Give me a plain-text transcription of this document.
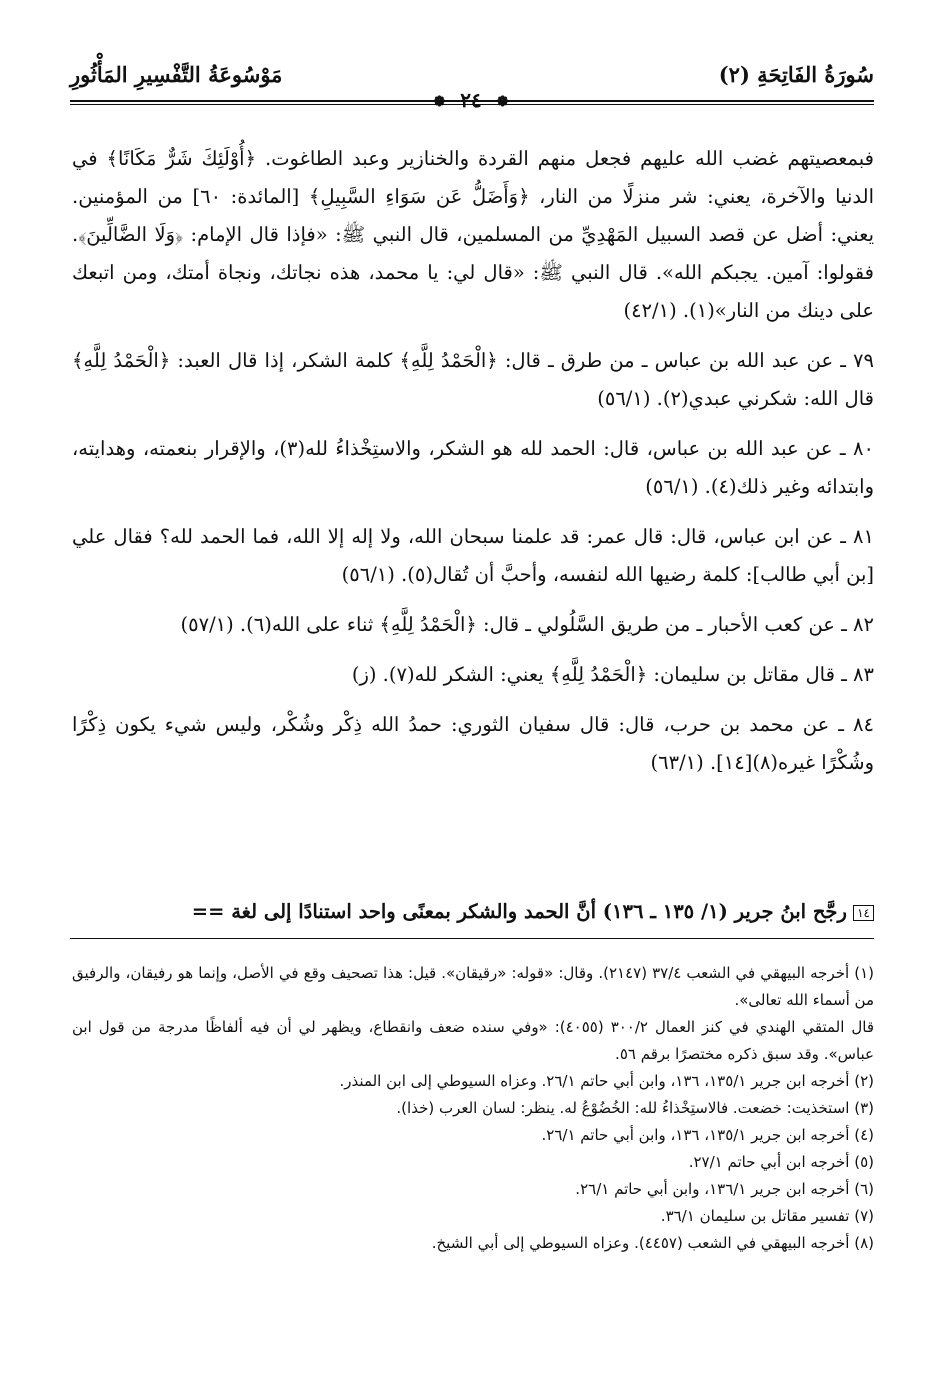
سُورَةُ الفَاتِحَةِ (٢)
مَوْسُوعَةُ التَّفْسِيرِ المَأْثُورِ
❁ ٢٤ ❁

فبمعصيتهم غضب الله عليهم فجعل منهم القردة والخنازير وعبد الطاغوت. ﴿أُوْلَئِكَ شَرٌّ مَكَانًا﴾ في الدنيا والآخرة، يعني: شر منزلًا من النار، ﴿وَأَضَلُّ عَن سَوَاءِ السَّبِيلِ﴾ [المائدة: ٦٠] من المؤمنين. يعني: أضل عن قصد السبيل المَهْدِيِّ من المسلمين، قال النبي ﷺ: «فإذا قال الإمام: ﴿وَلَا الضَّالِّينَ﴾. فقولوا: آمين. يجبكم الله». قال النبي ﷺ: «قال لي: يا محمد، هذه نجاتك، ونجاة أمتك، ومن اتبعك على دينك من النار»(١). (٤٢/١)

٧٩ ـ عن عبد الله بن عباس ـ من طرق ـ قال: ﴿الْحَمْدُ لِلَّهِ﴾ كلمة الشكر، إذا قال العبد: ﴿الْحَمْدُ لِلَّهِ﴾ قال الله: شكرني عبدي(٢). (٥٦/١)

٨٠ ـ عن عبد الله بن عباس، قال: الحمد لله هو الشكر، والاستِخْذاءُ لله(٣)، والإقرار بنعمته، وهدايته، وابتدائه وغير ذلك(٤). (٥٦/١)

٨١ ـ عن ابن عباس، قال: قال عمر: قد علمنا سبحان الله، ولا إله إلا الله، فما الحمد لله؟ فقال علي [بن أبي طالب]: كلمة رضيها الله لنفسه، وأحبَّ أن تُقال(٥). (٥٦/١)

٨٢ ـ عن كعب الأحبار ـ من طريق السَّلُولي ـ قال: ﴿الْحَمْدُ لِلَّهِ﴾ ثناء على الله(٦). (٥٧/١)

٨٣ ـ قال مقاتل بن سليمان: ﴿الْحَمْدُ لِلَّهِ﴾ يعني: الشكر لله(٧). (ز)

٨٤ ـ عن محمد بن حرب، قال: قال سفيان الثوري: حمدُ الله ذِكْر وشُكْر، وليس شيء يكون ذِكْرًا وشُكْرًا غيره(٨)[١٤]. (٦٣/١)

١٤ رجَّح ابنُ جرير (١/ ١٣٥ ـ ١٣٦) أنَّ الحمد والشكر بمعنًى واحد استنادًا إلى لغة ==
(١) أخرجه البيهقي في الشعب ٣٧/٤ (٢١٤٧). وقال: «قوله: «رقيقان». قيل: هذا تصحيف وقع في الأصل، وإنما هو رفيقان، والرفيق من أسماء الله تعالى».
قال المتقي الهندي في كنز العمال ٣٠٠/٢ (٤٠٥٥): «وفي سنده ضعف وانقطاع، ويظهر لي أن فيه ألفاظًا مدرجة من قول ابن عباس». وقد سبق ذكره مختصرًا برقم ٥٦.
(٢) أخرجه ابن جرير ١٣٥/١، ١٣٦، وابن أبي حاتم ٢٦/١. وعزاه السيوطي إلى ابن المنذر.
(٣) استخذيت: خضعت. فالاستِخْذاءُ لله: الخُضُوْعُ له. ينظر: لسان العرب (خذا).
(٤) أخرجه ابن جرير ١٣٥/١، ١٣٦، وابن أبي حاتم ٢٦/١.
(٥) أخرجه ابن أبي حاتم ٢٧/١.
(٦) أخرجه ابن جرير ١٣٦/١، وابن أبي حاتم ٢٦/١.
(٧) تفسير مقاتل بن سليمان ٣٦/١.
(٨) أخرجه البيهقي في الشعب (٤٤٥٧). وعزاه السيوطي إلى أبي الشيخ.
